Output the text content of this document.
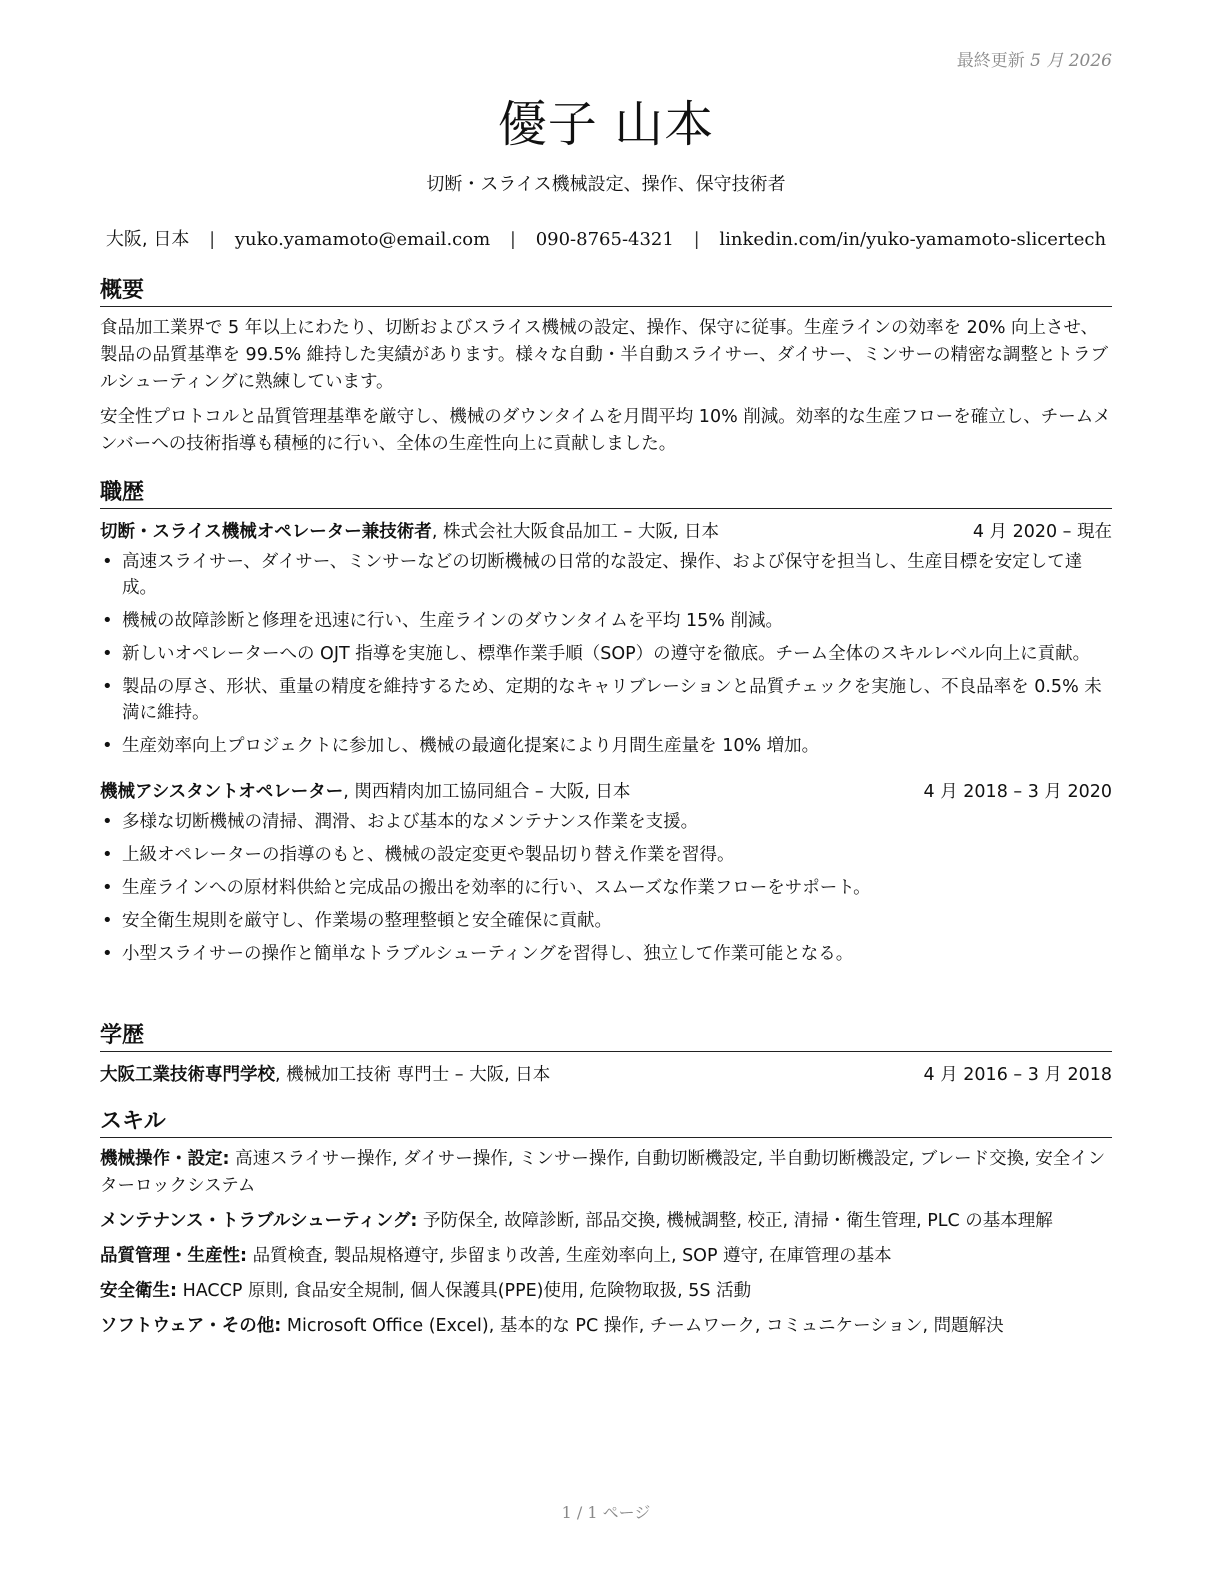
最終更新 5 月 2026
優子 山本
切断・スライス機械設定、操作、保守技術者
大阪, 日本 | yuko.yamamoto@email.com | 090-8765-4321 | linkedin.com/in/yuko-yamamoto-slicertech
概要

食品加工業界で 5 年以上にわたり、切断およびスライス機械の設定、操作、保守に従事。生産ラインの効率を 20% 向上させ、製品の品質基準を 99.5% 維持した実績があります。様々な自動・半自動スライサー、ダイサー、ミンサーの精密な調整とトラブルシューティングに熟練しています。

安全性プロトコルと品質管理基準を厳守し、機械のダウンタイムを月間平均 10% 削減。効率的な生産フローを確立し、チームメンバーへの技術指導も積極的に行い、全体の生産性向上に貢献しました。

職歴
切断・スライス機械オペレーター兼技術者, 株式会社大阪食品加工 – 大阪, 日本	4 月 2020 – 現在
• 高速スライサー、ダイサー、ミンサーなどの切断機械の日常的な設定、操作、および保守を担当し、生産目標を安定して達成。
• 機械の故障診断と修理を迅速に行い、生産ラインのダウンタイムを平均 15% 削減。
• 新しいオペレーターへの OJT 指導を実施し、標準作業手順（SOP）の遵守を徹底。チーム全体のスキルレベル向上に貢献。
• 製品の厚さ、形状、重量の精度を維持するため、定期的なキャリブレーションと品質チェックを実施し、不良品率を 0.5% 未満に維持。
• 生産効率向上プロジェクトに参加し、機械の最適化提案により月間生産量を 10% 増加。
機械アシスタントオペレーター, 関西精肉加工協同組合 – 大阪, 日本	4 月 2018 – 3 月 2020
• 多様な切断機械の清掃、潤滑、および基本的なメンテナンス作業を支援。
• 上級オペレーターの指導のもと、機械の設定変更や製品切り替え作業を習得。
• 生産ラインへの原材料供給と完成品の搬出を効率的に行い、スムーズな作業フローをサポート。
• 安全衛生規則を厳守し、作業場の整理整頓と安全確保に貢献。
• 小型スライサーの操作と簡単なトラブルシューティングを習得し、独立して作業可能となる。
学歴
大阪工業技術専門学校, 機械加工技術 専門士 – 大阪, 日本	4 月 2016 – 3 月 2018
スキル
機械操作・設定: 高速スライサー操作, ダイサー操作, ミンサー操作, 自動切断機設定, 半自動切断機設定, ブレード交換, 安全インターロックシステム
メンテナンス・トラブルシューティング: 予防保全, 故障診断, 部品交換, 機械調整, 校正, 清掃・衛生管理, PLC の基本理解
品質管理・生産性: 品質検査, 製品規格遵守, 歩留まり改善, 生産効率向上, SOP 遵守, 在庫管理の基本
安全衛生: HACCP 原則, 食品安全規制, 個人保護具(PPE)使用, 危険物取扱, 5S 活動
ソフトウェア・その他: Microsoft Office (Excel), 基本的な PC 操作, チームワーク, コミュニケーション, 問題解決
1 / 1 ページ
